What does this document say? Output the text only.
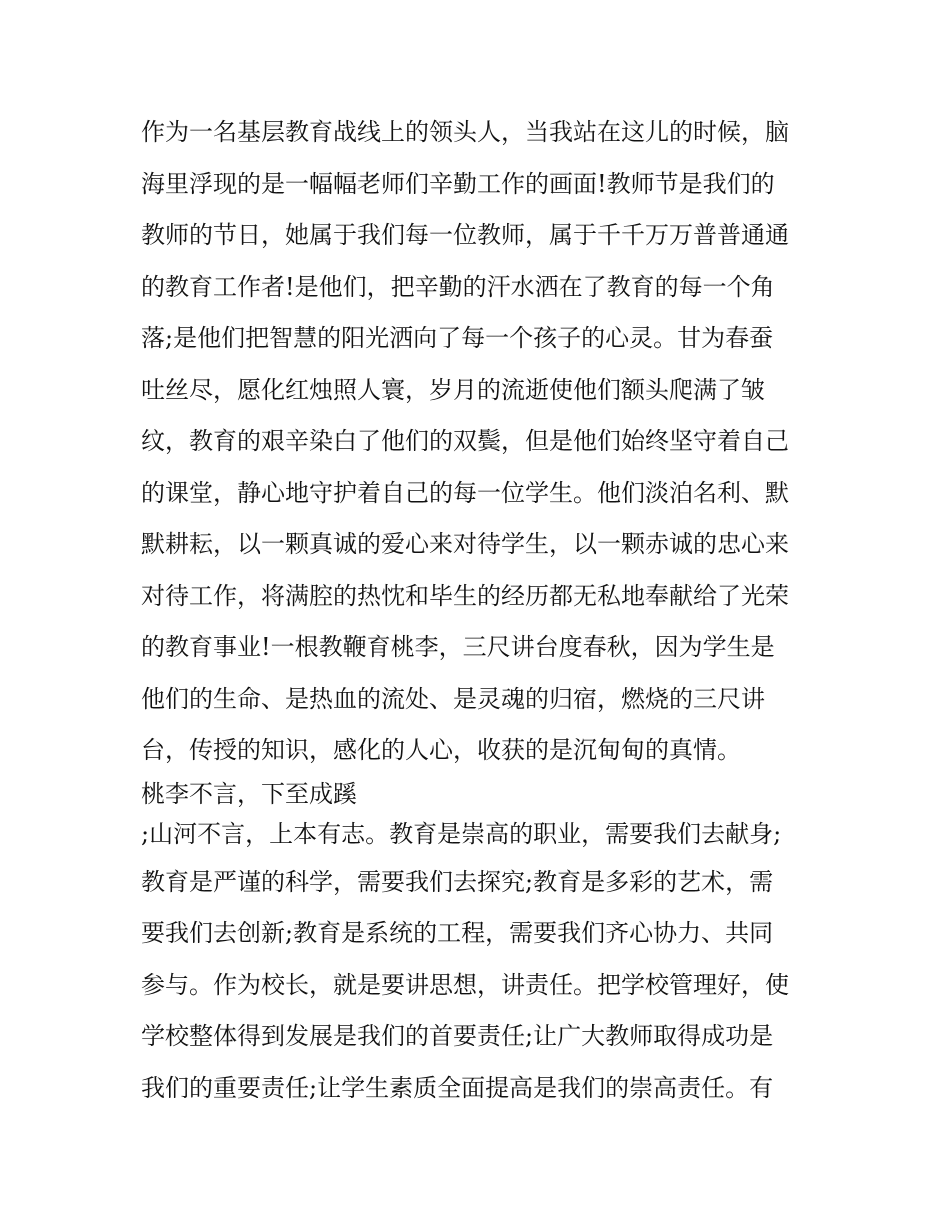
作为一名基层教育战线上的领头人，当我站在这儿的时候，脑
海里浮现的是一幅幅老师们辛勤工作的画面!教师节是我们的
教师的节日，她属于我们每一位教师，属于千千万万普普通通
的教育工作者!是他们，把辛勤的汗水洒在了教育的每一个角
落;是他们把智慧的阳光洒向了每一个孩子的心灵。甘为春蚕
吐丝尽，愿化红烛照人寰，岁月的流逝使他们额头爬满了皱
纹，教育的艰辛染白了他们的双鬓，但是他们始终坚守着自己
的课堂，静心地守护着自己的每一位学生。他们淡泊名利、默
默耕耘，以一颗真诚的爱心来对待学生，以一颗赤诚的忠心来
对待工作，将满腔的热忱和毕生的经历都无私地奉献给了光荣
的教育事业!一根教鞭育桃李，三尺讲台度春秋，因为学生是
他们的生命、是热血的流处、是灵魂的归宿，燃烧的三尺讲
台，传授的知识，感化的人心，收获的是沉甸甸的真情。
桃李不言，下至成蹊
;山河不言，上本有志。教育是崇高的职业，需要我们去献身;
教育是严谨的科学，需要我们去探究;教育是多彩的艺术，需
要我们去创新;教育是系统的工程，需要我们齐心协力、共同
参与。作为校长，就是要讲思想，讲责任。把学校管理好，使
学校整体得到发展是我们的首要责任;让广大教师取得成功是
我们的重要责任;让学生素质全面提高是我们的崇高责任。有
